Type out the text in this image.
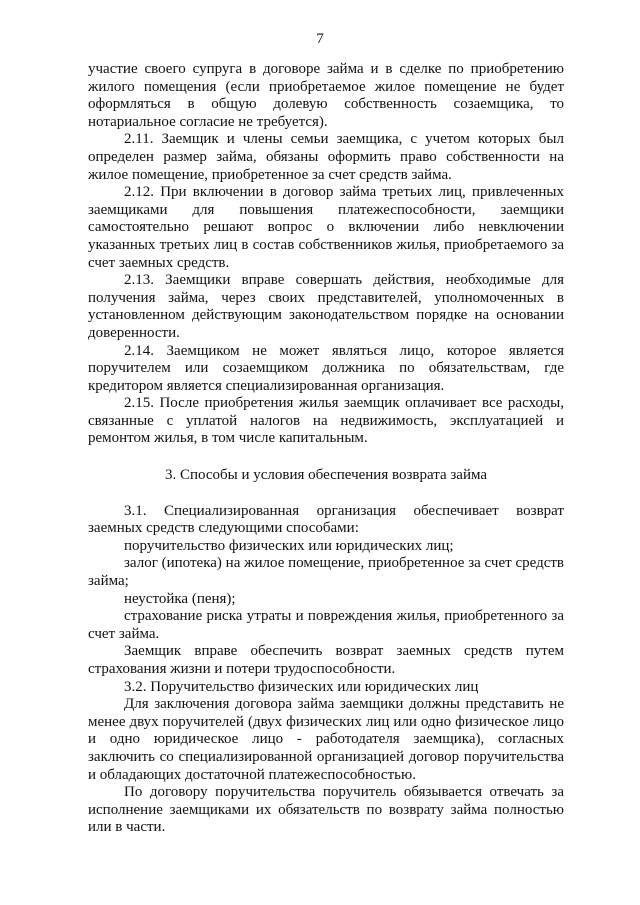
7

участие своего супруга в договоре займа и в сделке по приобретению жилого помещения (если приобретаемое жилое помещение не будет оформляться в общую долевую собственность созаемщика, то нотариальное согласие не требуется).

2.11. Заемщик и члены семьи заемщика, с учетом которых был определен размер займа, обязаны оформить право собственности на жилое помещение, приобретенное за счет средств займа.

2.12. При включении в договор займа третьих лиц, привлеченных заемщиками для повышения платежеспособности, заемщики самостоятельно решают вопрос о включении либо невключении указанных третьих лиц в состав собственников жилья, приобретаемого за счет заемных средств.

2.13. Заемщики вправе совершать действия, необходимые для получения займа, через своих представителей, уполномоченных в установленном действующим законодательством порядке на основании доверенности.

2.14. Заемщиком не может являться лицо, которое является поручителем или созаемщиком должника по обязательствам, где кредитором является специализированная организация.

2.15. После приобретения жилья заемщик оплачивает все расходы, связанные с уплатой налогов на недвижимость, эксплуатацией и ремонтом жилья, в том числе капитальным.

3. Способы и условия обеспечения возврата займа

3.1. Специализированная организация обеспечивает возврат заемных средств следующими способами:

поручительство физических или юридических лиц;

залог (ипотека) на жилое помещение, приобретенное за счет средств займа;

неустойка (пеня);

страхование риска утраты и повреждения жилья, приобретенного за счет займа.

Заемщик вправе обеспечить возврат заемных средств путем страхования жизни и потери трудоспособности.

3.2. Поручительство физических или юридических лиц

Для заключения договора займа заемщики должны представить не менее двух поручителей (двух физических лиц или одно физическое лицо и одно юридическое лицо - работодателя заемщика), согласных заключить со специализированной организацией договор поручительства и обладающих достаточной платежеспособностью.

По договору поручительства поручитель обязывается отвечать за исполнение заемщиками их обязательств по возврату займа полностью или в части.
